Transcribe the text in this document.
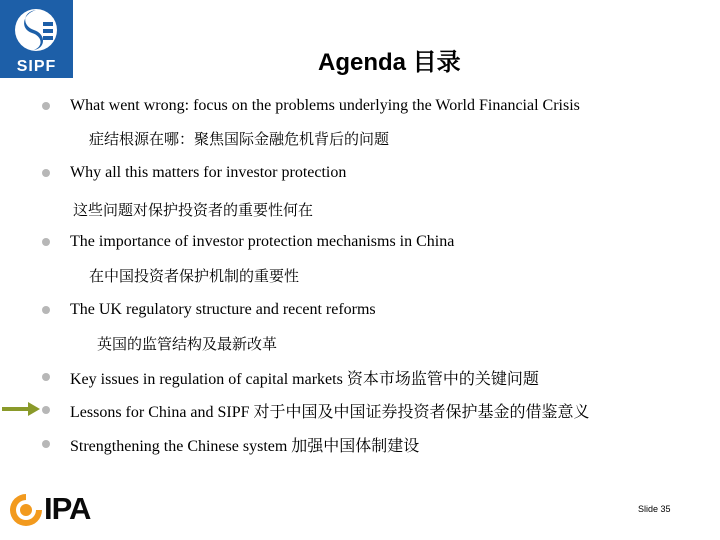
SIPF	Agenda 目录
What went wrong: focus on the problems underlying the World Financial Crisis
症结根源在哪：聚焦国际金融危机背后的问题
Why all this matters for investor protection
这些问题对保护投资者的重要性何在
The importance of investor protection mechanisms in China
在中国投资者保护机制的重要性
The UK regulatory structure and recent reforms
英国的监管结构及最新改革
Key issues in regulation of capital markets 资本市场监管中的关键问题
Lessons for China and SIPF 对于中国及中国证券投资者保护基金的借鉴意义
Strengthening the Chinese system 加强中国体制建设
IPA	Slide 35
